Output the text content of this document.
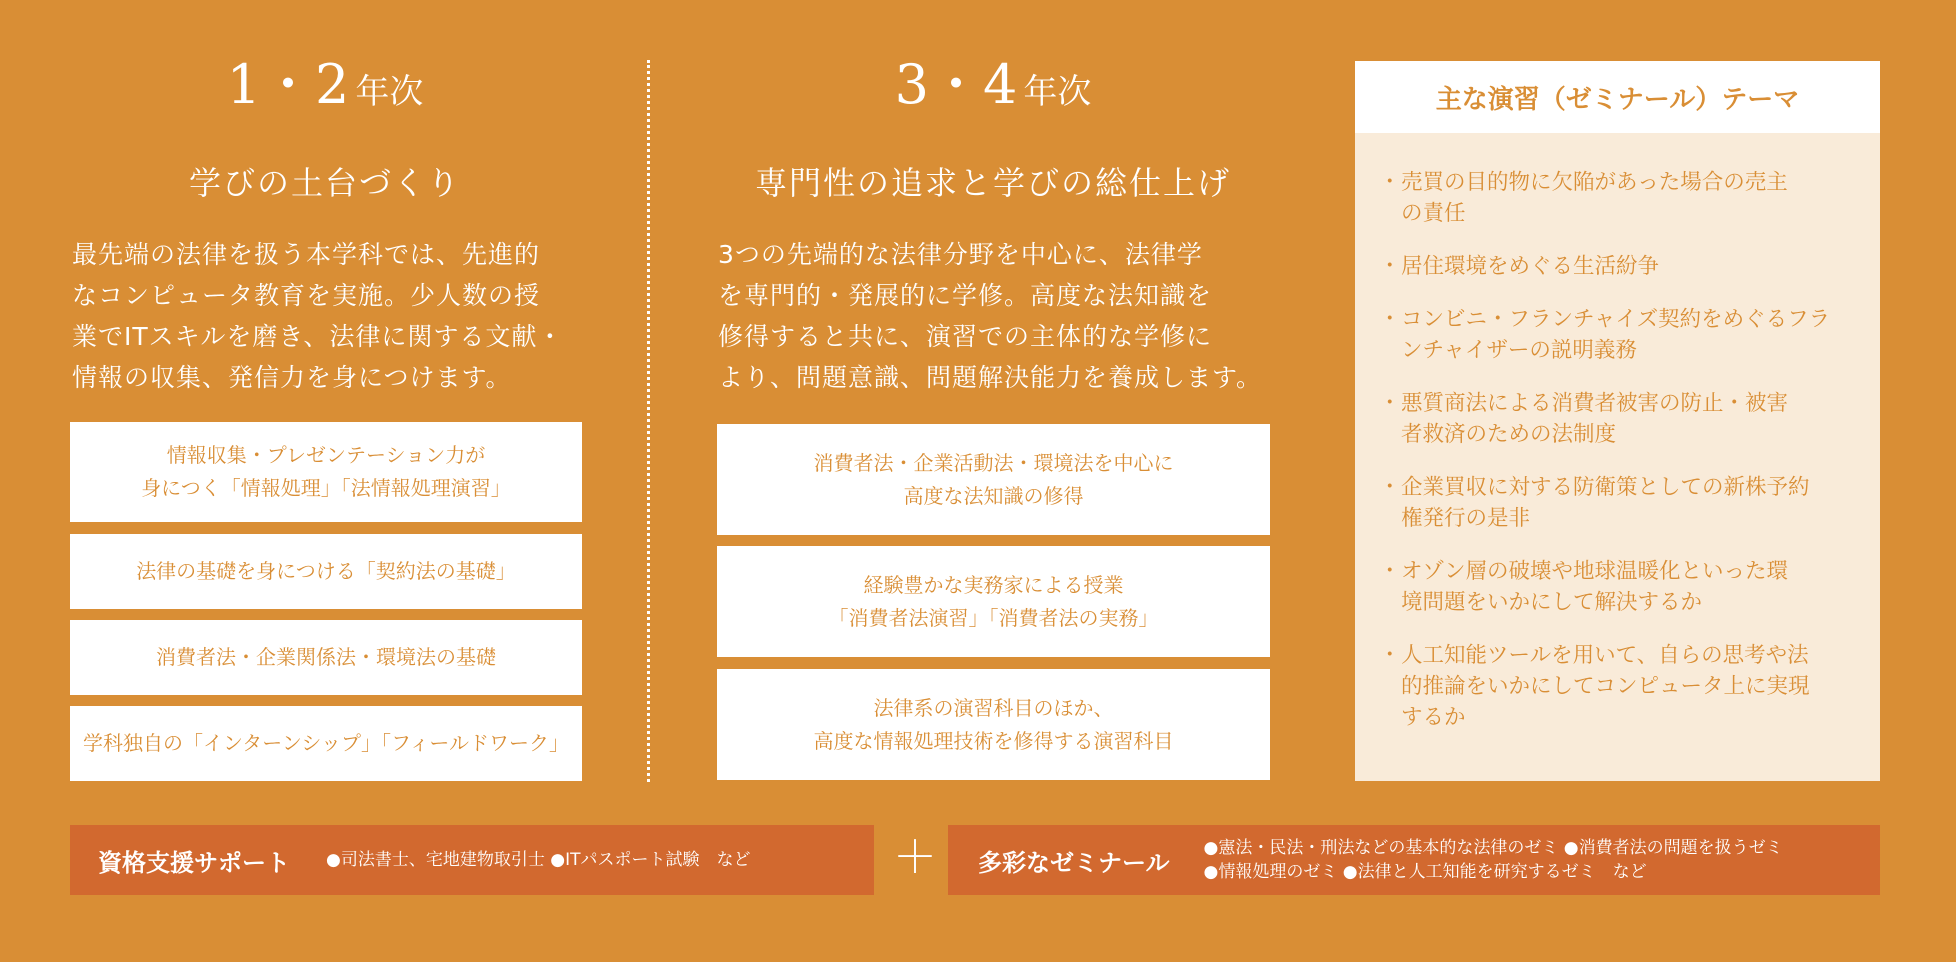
1・2 年次
学びの土台づくり
最先端の法律を扱う本学科では、先進的
なコンピュータ教育を実施。少人数の授
業でITスキルを磨き、法律に関する文献・
情報の収集、発信力を身につけます。
情報収集・プレゼンテーション力が
身につく「情報処理」「法情報処理演習」
法律の基礎を身につける「契約法の基礎」
消費者法・企業関係法・環境法の基礎
学科独自の「インターンシップ」「フィールドワーク」
3・4 年次
専門性の追求と学びの総仕上げ
3つの先端的な法律分野を中心に、法律学
を専門的・発展的に学修。高度な法知識を
修得すると共に、演習での主体的な学修に
より、問題意識、問題解決能力を養成します。
消費者法・企業活動法・環境法を中心に
高度な法知識の修得
経験豊かな実務家による授業
「消費者法演習」「消費者法の実務」
法律系の演習科目のほか、
高度な情報処理技術を修得する演習科目
主な演習（ゼミナール）テーマ
・ 売買の目的物に欠陥があった場合の売主
の責任
・ 居住環境をめぐる生活紛争
・ コンビニ・フランチャイズ契約をめぐるフラ
ンチャイザーの説明義務
・ 悪質商法による消費者被害の防止・被害
者救済のための法制度
・ 企業買収に対する防衛策としての新株予約
権発行の是非
・ オゾン層の破壊や地球温暖化といった環
境問題をいかにして解決するか
・ 人工知能ツールを用いて、自らの思考や法
的推論をいかにしてコンピュータ上に実現
するか
資格支援サポート ●司法書士、宅地建物取引士 ●ITパスポート試験　など	＋ 多彩なゼミナール
●憲法・民法・刑法などの基本的な法律のゼミ ●消費者法の問題を扱うゼミ
●情報処理のゼミ ●法律と人工知能を研究するゼミ　など
